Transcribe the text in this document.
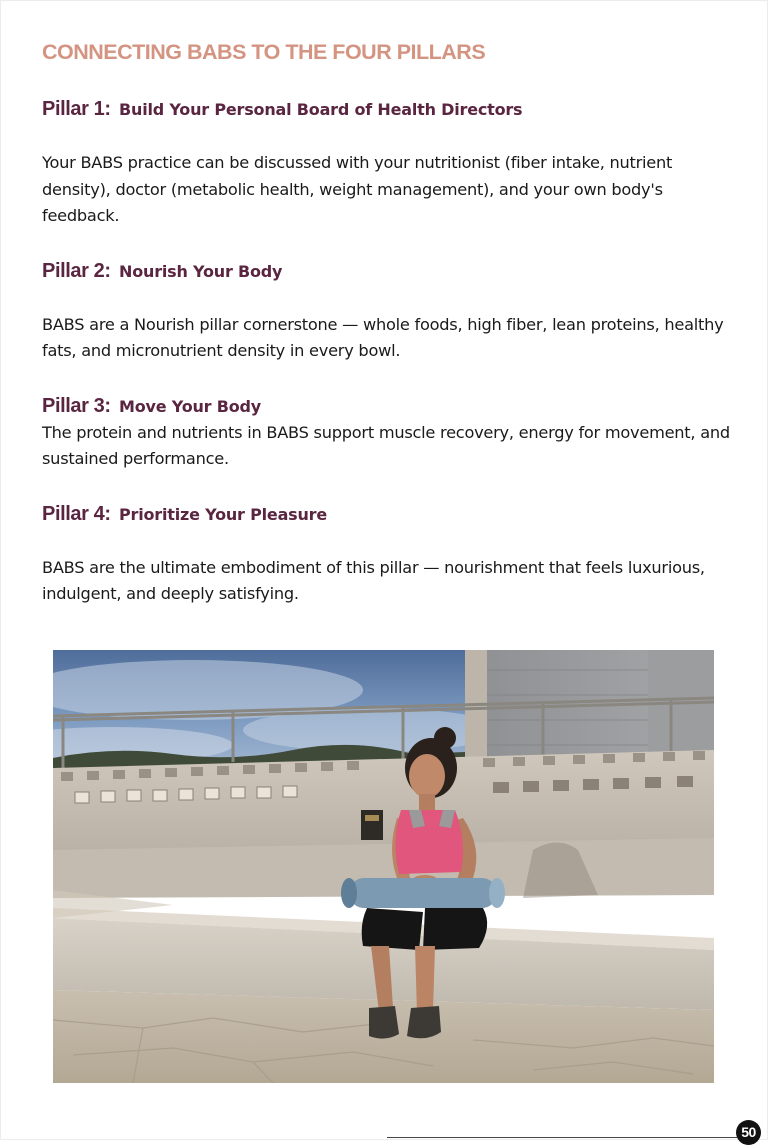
CONNECTING BABS TO THE FOUR PILLARS
Pillar 1: Build Your Personal Board of Health Directors

Your BABS practice can be discussed with your nutritionist (fiber intake, nutrient density), doctor (metabolic health, weight management), and your own body's feedback.

Pillar 2: Nourish Your Body

BABS are a Nourish pillar cornerstone — whole foods, high fiber, lean proteins, healthy fats, and micronutrient density in every bowl.

Pillar 3: Move Your Body

The protein and nutrients in BABS support muscle recovery, energy for movement, and sustained performance.

Pillar 4: Prioritize Your Pleasure

BABS are the ultimate embodiment of this pillar — nourishment that feels luxurious, indulgent, and deeply satisfying.

50
